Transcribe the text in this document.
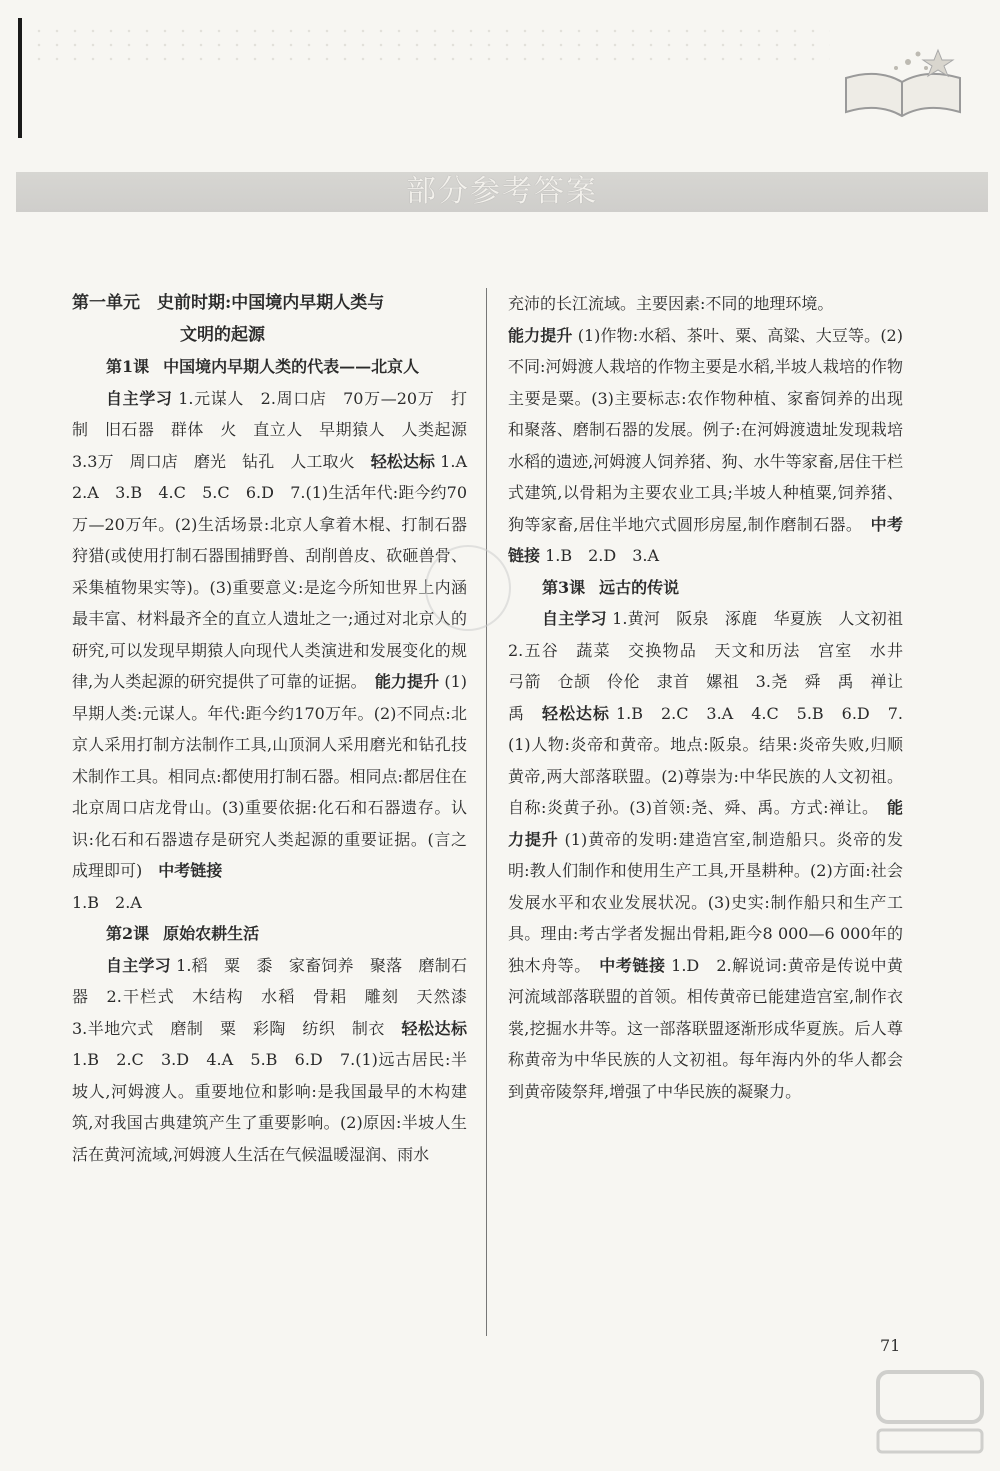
部分参考答案
第一单元　史前时期:中国境内早期人类与
文明的起源
第1课 中国境内早期人类的代表——北京人

自主学习 1.元谋人　2.周口店　70万—20万　打制　旧石器　群体　火　直立人　早期猿人　人类起源　3.3万　周口店　磨光　钻孔　人工取火　轻松达标 1.A　2.A　3.B　4.C　5.C　6.D　7.(1)生活年代:距今约70万—20万年。(2)生活场景:北京人拿着木棍、打制石器狩猎(或使用打制石器围捕野兽、刮削兽皮、砍砸兽骨、采集植物果实等)。(3)重要意义:是迄今所知世界上内涵最丰富、材料最齐全的直立人遗址之一;通过对北京人的研究,可以发现早期猿人向现代人类演进和发展变化的规律,为人类起源的研究提供了可靠的证据。　能力提升 (1)早期人类:元谋人。年代:距今约170万年。(2)不同点:北京人采用打制方法制作工具,山顶洞人采用磨光和钻孔技术制作工具。相同点:都使用打制石器。相同点:都居住在北京周口店龙骨山。(3)重要依据:化石和石器遗存。认识:化石和石器遗存是研究人类起源的重要证据。(言之成理即可)　中考链接
1.B　2.A

第2课 原始农耕生活

自主学习 1.稻　粟　黍　家畜饲养　聚落　磨制石器　2.干栏式　木结构　水稻　骨耜　雕刻　天然漆　3.半地穴式　磨制　粟　彩陶　纺织　制衣　轻松达标 1.B　2.C　3.D　4.A　5.B　6.D　7.(1)远古居民:半坡人,河姆渡人。重要地位和影响:是我国最早的木构建筑,对我国古典建筑产生了重要影响。(2)原因:半坡人生活在黄河流域,河姆渡人生活在气候温暖湿润、雨水

充沛的长江流域。主要因素:不同的地理环境。
能力提升 (1)作物:水稻、茶叶、粟、高粱、大豆等。(2)不同:河姆渡人栽培的作物主要是水稻,半坡人栽培的作物主要是粟。(3)主要标志:农作物种植、家畜饲养的出现和聚落、磨制石器的发展。例子:在河姆渡遗址发现栽培水稻的遗迹,河姆渡人饲养猪、狗、水牛等家畜,居住干栏式建筑,以骨耜为主要农业工具;半坡人种植粟,饲养猪、狗等家畜,居住半地穴式圆形房屋,制作磨制石器。　中考链接 1.B　2.D　3.A

第3课 远古的传说

自主学习 1.黄河　阪泉　涿鹿　华夏族　人文初祖　2.五谷　蔬菜　交换物品　天文和历法　宫室　水井　弓箭　仓颉　伶伦　隶首　嫘祖　3.尧　舜　禹　禅让　禹　轻松达标 1.B　2.C　3.A　4.C　5.B　6.D　7.(1)人物:炎帝和黄帝。地点:阪泉。结果:炎帝失败,归顺黄帝,两大部落联盟。(2)尊崇为:中华民族的人文初祖。自称:炎黄子孙。(3)首领:尧、舜、禹。方式:禅让。　能力提升 (1)黄帝的发明:建造宫室,制造船只。炎帝的发明:教人们制作和使用生产工具,开垦耕种。(2)方面:社会发展水平和农业发展状况。(3)史实:制作船只和生产工具。理由:考古学者发掘出骨耜,距今8 000—6 000年的独木舟等。　中考链接 1.D　2.解说词:黄帝是传说中黄河流域部落联盟的首领。相传黄帝已能建造宫室,制作衣裳,挖掘水井等。这一部落联盟逐渐形成华夏族。后人尊称黄帝为中华民族的人文初祖。每年海内外的华人都会到黄帝陵祭拜,增强了中华民族的凝聚力。

71
